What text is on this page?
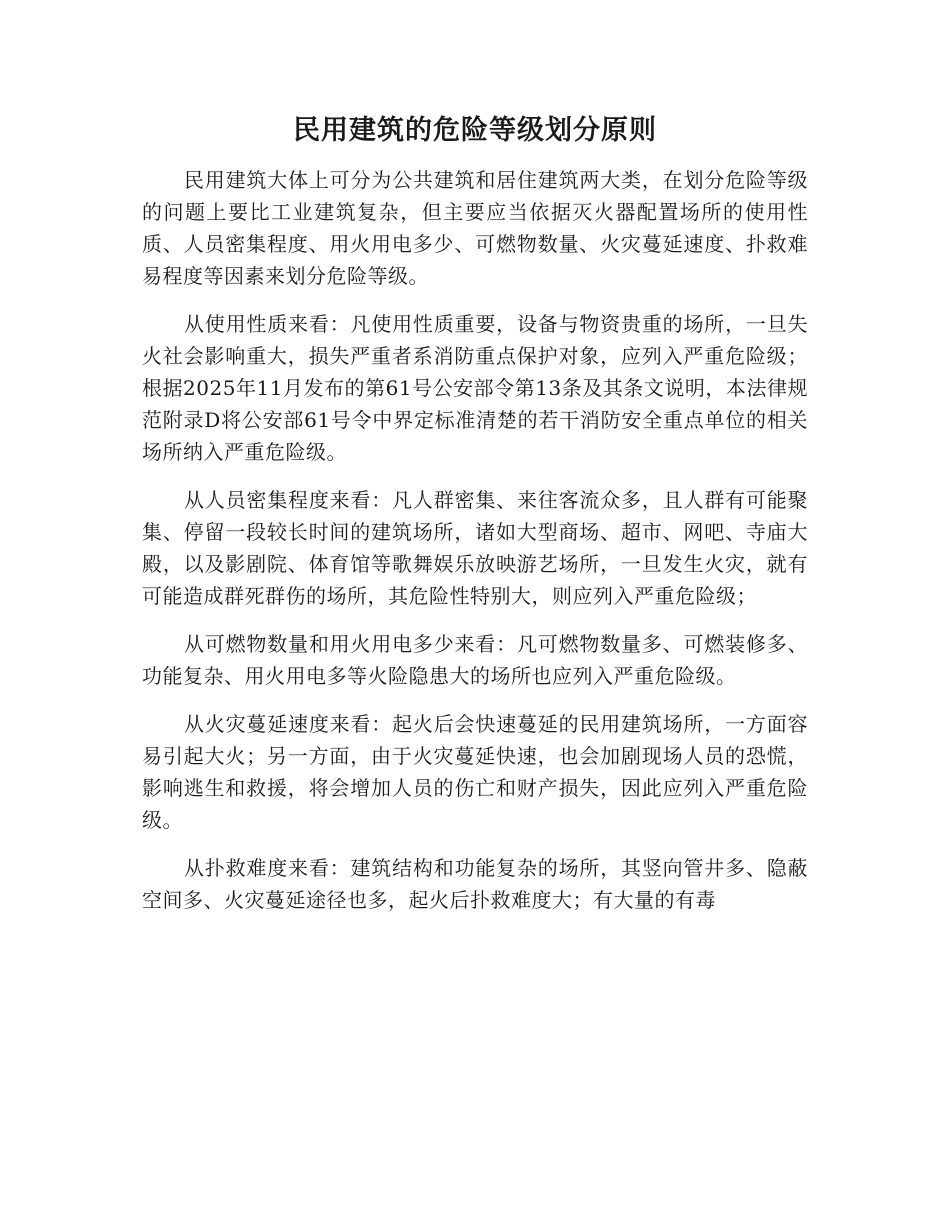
民用建筑的危险等级划分原则

民用建筑大体上可分为公共建筑和居住建筑两大类，在划分危险等级的问题上要比工业建筑复杂，但主要应当依据灭火器配置场所的使用性质、人员密集程度、用火用电多少、可燃物数量、火灾蔓延速度、扑救难易程度等因素来划分危险等级。

从使用性质来看：凡使用性质重要，设备与物资贵重的场所，一旦失火社会影响重大，损失严重者系消防重点保护对象，应列入严重危险级；根据2025年11月发布的第61号公安部令第13条及其条文说明，本法律规范附录D将公安部61号令中界定标准清楚的若干消防安全重点单位的相关场所纳入严重危险级。

从人员密集程度来看：凡人群密集、来往客流众多，且人群有可能聚集、停留一段较长时间的建筑场所，诸如大型商场、超市、网吧、寺庙大殿，以及影剧院、体育馆等歌舞娱乐放映游艺场所，一旦发生火灾，就有可能造成群死群伤的场所，其危险性特别大，则应列入严重危险级；

从可燃物数量和用火用电多少来看：凡可燃物数量多、可燃装修多、功能复杂、用火用电多等火险隐患大的场所也应列入严重危险级。

从火灾蔓延速度来看：起火后会快速蔓延的民用建筑场所，一方面容易引起大火；另一方面，由于火灾蔓延快速，也会加剧现场人员的恐慌，影响逃生和救援，将会增加人员的伤亡和财产损失，因此应列入严重危险级。

从扑救难度来看：建筑结构和功能复杂的场所，其竖向管井多、隐蔽空间多、火灾蔓延途径也多，起火后扑救难度大；有大量的有毒
